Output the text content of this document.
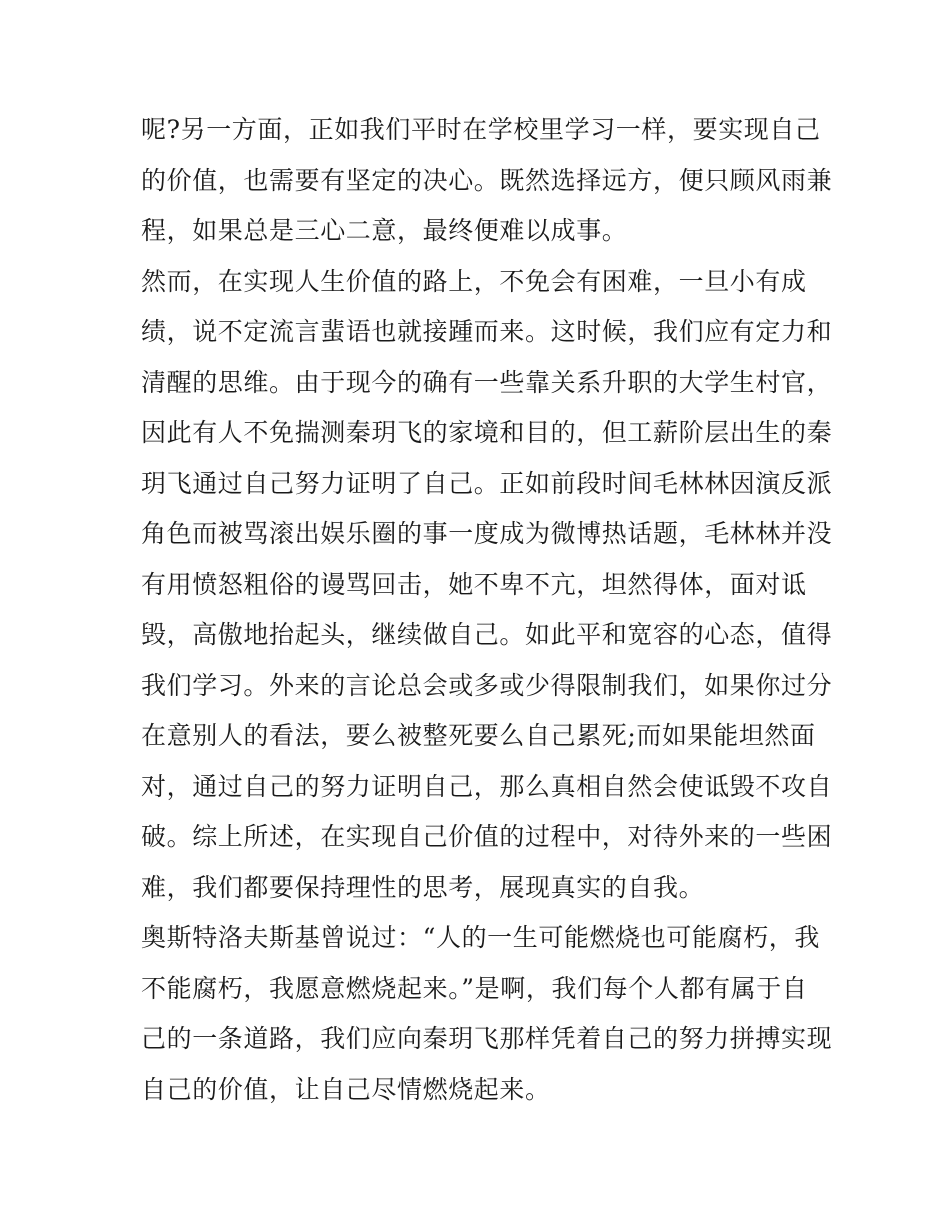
呢?另一方面，正如我们平时在学校里学习一样，要实现自己
的价值，也需要有坚定的决心。既然选择远方，便只顾风雨兼
程，如果总是三心二意，最终便难以成事。
然而，在实现人生价值的路上，不免会有困难，一旦小有成
绩，说不定流言蜚语也就接踵而来。这时候，我们应有定力和
清醒的思维。由于现今的确有一些靠关系升职的大学生村官，
因此有人不免揣测秦玥飞的家境和目的，但工薪阶层出生的秦
玥飞通过自己努力证明了自己。正如前段时间毛林林因演反派
角色而被骂滚出娱乐圈的事一度成为微博热话题，毛林林并没
有用愤怒粗俗的谩骂回击，她不卑不亢，坦然得体，面对诋
毁，高傲地抬起头，继续做自己。如此平和宽容的心态，值得
我们学习。外来的言论总会或多或少得限制我们，如果你过分
在意别人的看法，要么被整死要么自己累死;而如果能坦然面
对，通过自己的努力证明自己，那么真相自然会使诋毁不攻自
破。综上所述，在实现自己价值的过程中，对待外来的一些困
难，我们都要保持理性的思考，展现真实的自我。
奥斯特洛夫斯基曾说过：“人的一生可能燃烧也可能腐朽，我
不能腐朽，我愿意燃烧起来。”是啊，我们每个人都有属于自
己的一条道路，我们应向秦玥飞那样凭着自己的努力拼搏实现
自己的价值，让自己尽情燃烧起来。
